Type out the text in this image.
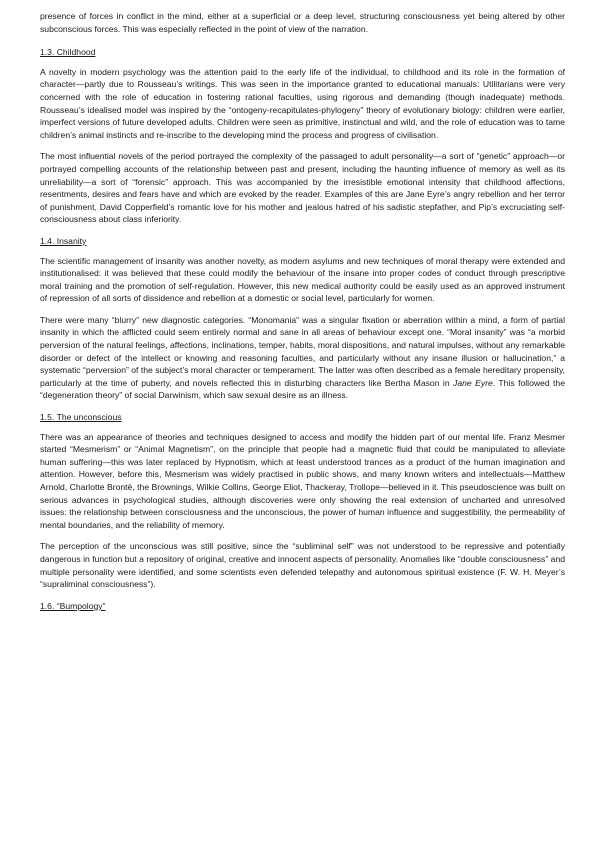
presence of forces in conflict in the mind, either at a superficial or a deep level, structuring consciousness yet being altered by other subconscious forces. This was especially reflected in the point of view of the narration.

1.3. Childhood

A novelty in modern psychology was the attention paid to the early life of the individual, to childhood and its role in the formation of character—partly due to Rousseau’s writings. This was seen in the importance granted to educational manuals: Utilitarians were very concerned with the role of education in fostering rational faculties, using rigorous and demanding (though inadequate) methods. Rousseau’s idealised model was inspired by the “ontogeny-recapitulates-phylogeny” theory of evolutionary biology: children were earlier, imperfect versions of future developed adults. Children were seen as primitive, instinctual and wild, and the role of education was to tame children’s animal instincts and re-inscribe to the developing mind the process and progress of civilisation.

The most influential novels of the period portrayed the complexity of the passaged to adult personality—a sort of “genetic” approach—or portrayed compelling accounts of the relationship between past and present, including the haunting influence of memory as well as its unreliability—a sort of “forensic” approach. This was accompanied by the irresistible emotional intensity that childhood affections, resentments, desires and fears have and which are evoked by the reader. Examples of this are Jane Eyre’s angry rebellion and her terror of punishment, David Copperfield’s romantic love for his mother and jealous hatred of his sadistic stepfather, and Pip’s excruciating self-consciousness about class inferiority.

1.4. Insanity

The scientific management of insanity was another novelty, as modern asylums and new techniques of moral therapy were extended and institutionalised: it was believed that these could modify the behaviour of the insane into proper codes of conduct through prescriptive moral training and the promotion of self-regulation. However, this new medical authority could be easily used as an approved instrument of repression of all sorts of dissidence and rebellion at a domestic or social level, particularly for women.

There were many “blurry” new diagnostic categories. “Monomania” was a singular fixation or aberration within a mind, a form of partial insanity in which the afflicted could seem entirely normal and sane in all areas of behaviour except one. “Moral insanity” was “a morbid perversion of the natural feelings, affections, inclinations, temper, habits, moral dispositions, and natural impulses, without any remarkable disorder or defect of the intellect or knowing and reasoning faculties, and particularly without any insane illusion or hallucination,” a systematic “perversion” of the subject’s moral character or temperament. The latter was often described as a female hereditary propensity, particularly at the time of puberty, and novels reflected this in disturbing characters like Bertha Mason in Jane Eyre. This followed the “degeneration theory” of social Darwinism, which saw sexual desire as an illness.

1.5. The unconscious

There was an appearance of theories and techniques designed to access and modify the hidden part of our mental life. Franz Mesmer started “Mesmerism” or “Animal Magnetism”, on the principle that people had a magnetic fluid that could be manipulated to alleviate human suffering—this was later replaced by Hypnotism, which at least understood trances as a product of the human imagination and attention. However, before this, Mesmerism was widely practised in public shows, and many known writers and intellectuals—Matthew Arnold, Charlotte Brontë, the Brownings, Wilkie Collins, George Eliot, Thackeray, Trollope—believed in it. This pseudoscience was built on serious advances in psychological studies, although discoveries were only showing the real extension of uncharted and unresolved issues: the relationship between consciousness and the unconscious, the power of human influence and suggestibility, the permeability of mental boundaries, and the reliability of memory.

The perception of the unconscious was still positive, since the “subliminal self” was not understood to be repressive and potentially dangerous in function but a repository of original, creative and innocent aspects of personality. Anomalies like “double consciousness” and multiple personality were identified, and some scientists even defended telepathy and autonomous spiritual existence (F. W. H. Meyer’s “supraliminal consciousness”).

1.6. “Bumpology”
